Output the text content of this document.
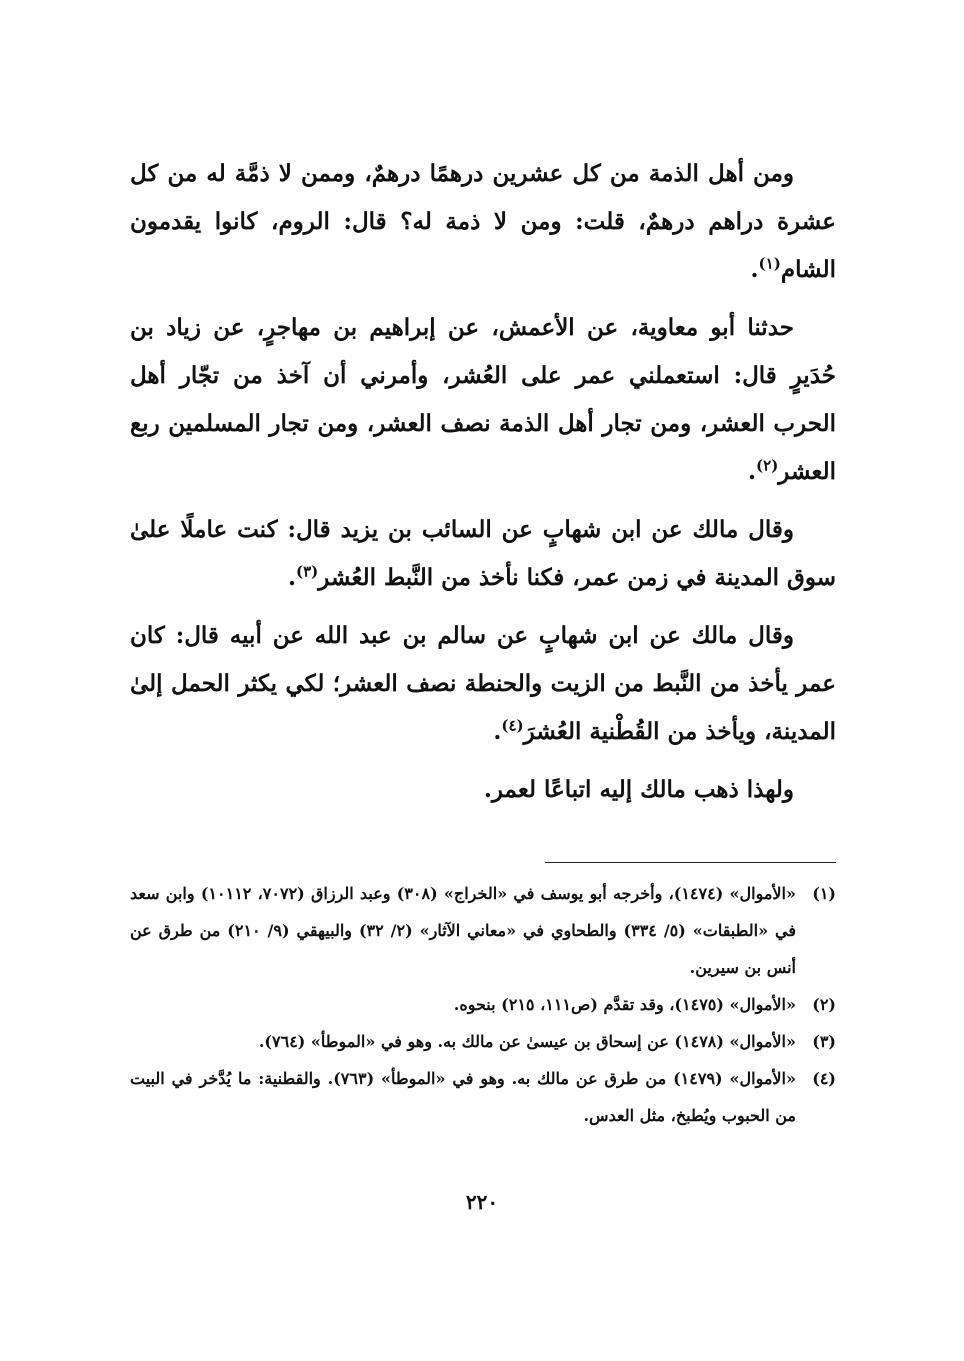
ومن أهل الذمة من كل عشرين درهمًا درهمٌ، وممن لا ذمَّة له من كل عشرة دراهم درهمٌ، قلت: ومن لا ذمة له؟ قال: الروم، كانوا يقدمون الشام$^{(١)}$.

حدثنا أبو معاوية، عن الأعمش، عن إبراهيم بن مهاجرٍ، عن زياد بن حُدَيرٍ قال: استعملني عمر على العُشر، وأمرني أن آخذ من تجّار أهل الحرب العشر، ومن تجار أهل الذمة نصف العشر، ومن تجار المسلمين ربع العشر$^{(٢)}$.

وقال مالك عن ابن شهابٍ عن السائب بن يزيد قال: كنت عاملًا علىٰ سوق المدينة في زمن عمر، فكنا نأخذ من النَّبط العُشر$^{(٣)}$.

وقال مالك عن ابن شهابٍ عن سالم بن عبد الله عن أبيه قال: كان عمر يأخذ من النَّبط من الزيت والحنطة نصف العشر؛ لكي يكثر الحمل إلىٰ المدينة، ويأخذ من القُطْنية العُشرَ$^{(٤)}$.

ولهذا ذهب مالك إليه اتباعًا لعمر.

(١)
«الأموال» (١٤٧٤)، وأخرجه أبو يوسف في «الخراج» (٣٠٨) وعبد الرزاق (٧٠٧٢، ١٠١١٢) وابن سعد في «الطبقات» (٥/ ٣٣٤) والطحاوي في «معاني الآثار» (٢/ ٣٢) والبيهقي (٩/ ٢١٠) من طرق عن أنس بن سيرين.
(٢)
«الأموال» (١٤٧٥)، وقد تقدَّم (ص١١١، ٢١٥) بنحوه.
(٣)
«الأموال» (١٤٧٨) عن إسحاق بن عيسىٰ عن مالك به. وهو في «الموطأ» (٧٦٤).
(٤)
«الأموال» (١٤٧٩) من طرق عن مالك به. وهو في «الموطأ» (٧٦٣). والقطنية: ما يُدَّخر في البيت من الحبوب ويُطبخ، مثل العدس.
٢٢٠
